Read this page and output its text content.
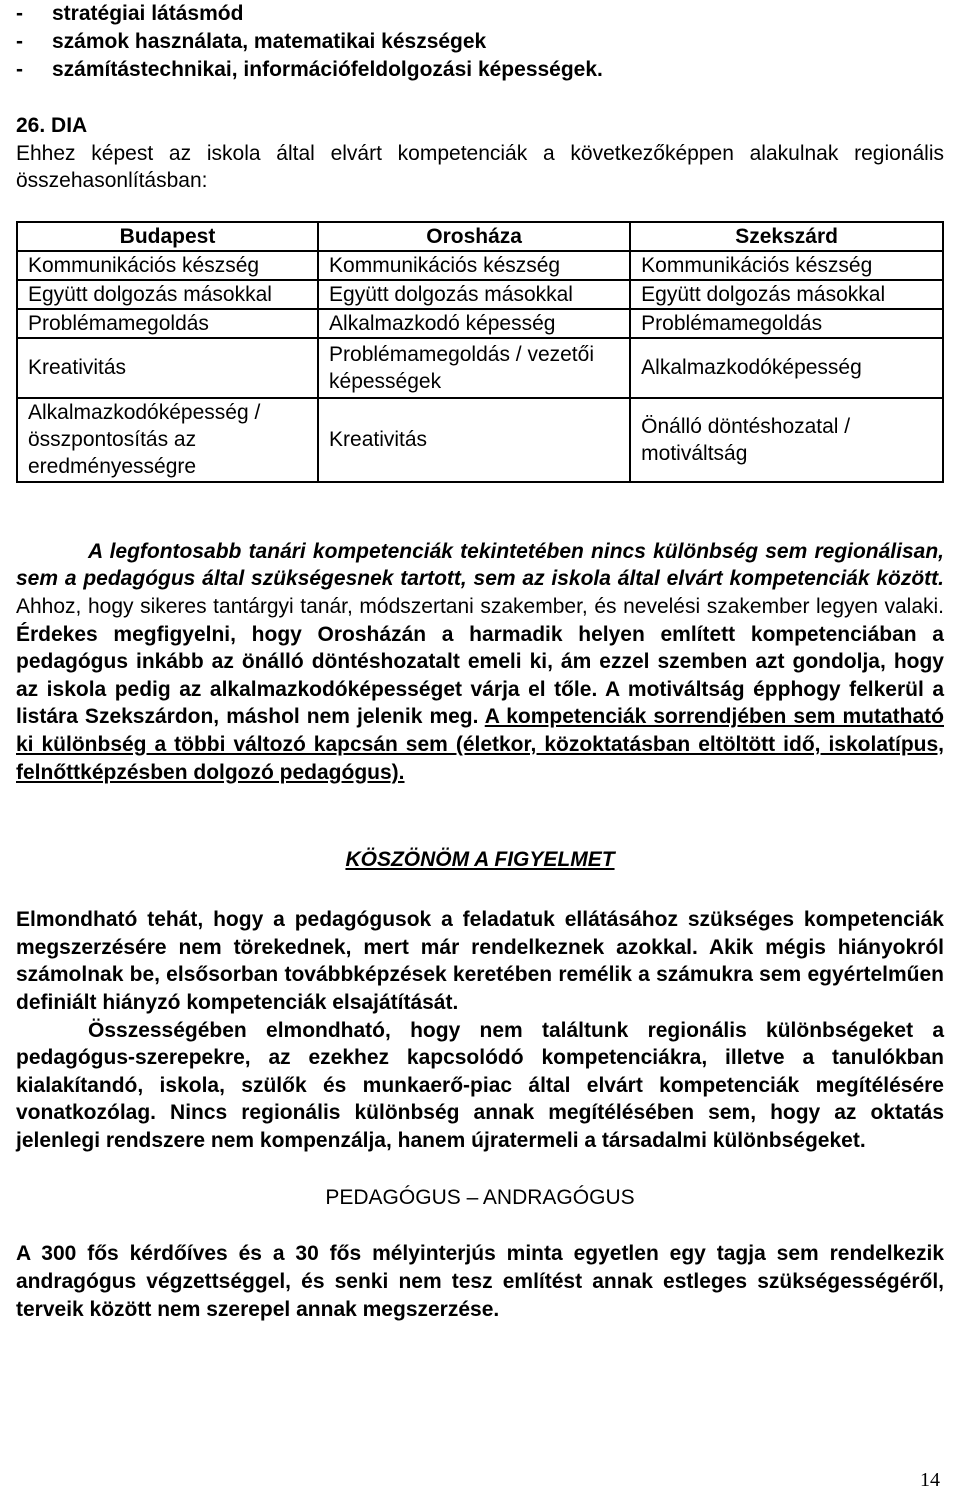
- stratégiai látásmód
- számok használata, matematikai készségek
- számítástechnikai, információfeldolgozási képességek.

26. DIA

Ehhez képest az iskola által elvárt kompetenciák a következőképpen alakulnak regionális összehasonlításban:

Budapest	Orosháza	Szekszárd
Kommunikációs készség	Kommunikációs készség	Kommunikációs készség
Együtt dolgozás másokkal	Együtt dolgozás másokkal	Együtt dolgozás másokkal
Problémamegoldás	Alkalmazkodó képesség	Problémamegoldás
Kreativitás	Problémamegoldás / vezetői képességek	Alkalmazkodóképesség
Alkalmazkodóképesség / összpontosítás az eredményességre	Kreativitás	Önálló döntéshozatal / motiváltság

A legfontosabb tanári kompetenciák tekintetében nincs különbség sem regionálisan, sem a pedagógus által szükségesnek tartott, sem az iskola által elvárt kompetenciák között. Ahhoz, hogy sikeres tantárgyi tanár, módszertani szakember, és nevelési szakember legyen valaki. Érdekes megfigyelni, hogy Orosházán a harmadik helyen említett kompetenciában a pedagógus inkább az önálló döntéshozatalt emeli ki, ám ezzel szemben azt gondolja, hogy az iskola pedig az alkalmazkodóképességet várja el tőle. A motiváltság épphogy felkerül a listára Szekszárdon, máshol nem jelenik meg. A kompetenciák sorrendjében sem mutatható ki különbség a többi változó kapcsán sem (életkor, közoktatásban eltöltött idő, iskolatípus, felnőttképzésben dolgozó pedagógus).

KÖSZÖNÖM A FIGYELMET

Elmondható tehát, hogy a pedagógusok a feladatuk ellátásához szükséges kompetenciák megszerzésére nem törekednek, mert már rendelkeznek azokkal. Akik mégis hiányokról számolnak be, elsősorban továbbképzések keretében remélik a számukra sem egyértelműen definiált hiányzó kompetenciák elsajátítását.

Összességében elmondható, hogy nem találtunk regionális különbségeket a pedagógus-szerepekre, az ezekhez kapcsolódó kompetenciákra, illetve a tanulókban kialakítandó, iskola, szülők és munkaerő-piac által elvárt kompetenciák megítélésére vonatkozólag. Nincs regionális különbség annak megítélésében sem, hogy az oktatás jelenlegi rendszere nem kompenzálja, hanem újratermeli a társadalmi különbségeket.

PEDAGÓGUS – ANDRAGÓGUS

A 300 fős kérdőíves és a 30 fős mélyinterjús minta egyetlen egy tagja sem rendelkezik andragógus végzettséggel, és senki nem tesz említést annak estleges szükségességéről, terveik között nem szerepel annak megszerzése.

14
